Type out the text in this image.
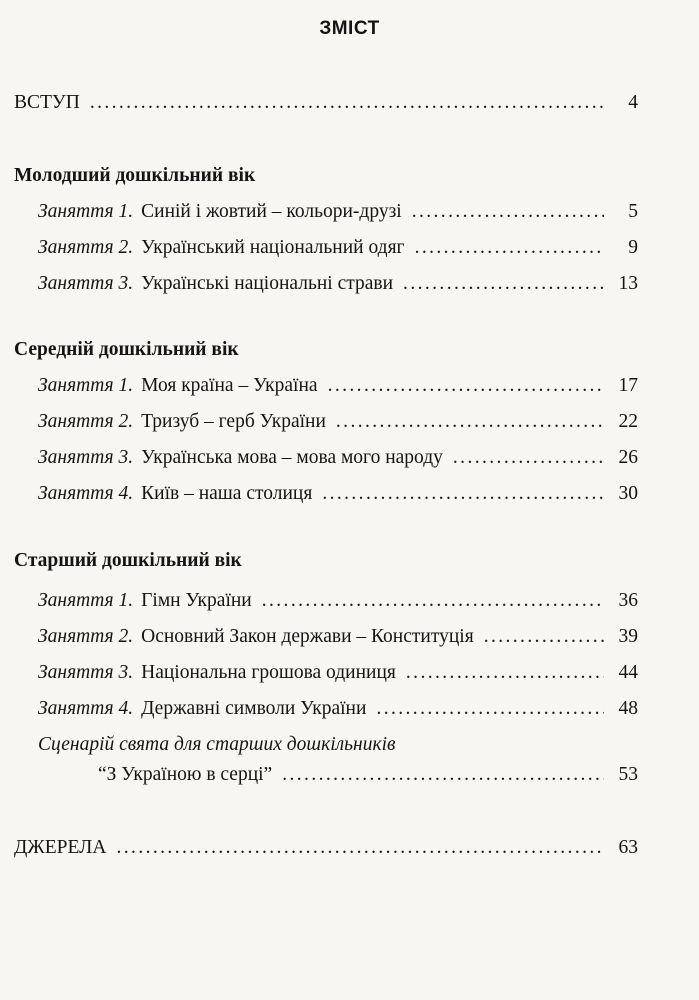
ЗМІСТ
ВСТУП .....	4
Молодший дошкільний вік
Заняття 1. Синій і жовтий – кольори-друзі .....	5
Заняття 2. Український національний одяг .....	9
Заняття 3. Українські національні страви .....	13
Середній дошкільний вік
Заняття 1. Моя країна – Україна .....	17
Заняття 2. Тризуб – герб України .....	22
Заняття 3. Українська мова – мова мого народу .....	26
Заняття 4. Київ – наша столиця .....	30
Старший дошкільний вік
Заняття 1. Гімн України .....	36
Заняття 2. Основний Закон держави – Конституція .....	39
Заняття 3. Національна грошова одиниця .....	44
Заняття 4. Державні символи України .....	48
Сценарій свята для старших дошкільників
“З Україною в серці” .....	53
ДЖЕРЕЛА .....	63
